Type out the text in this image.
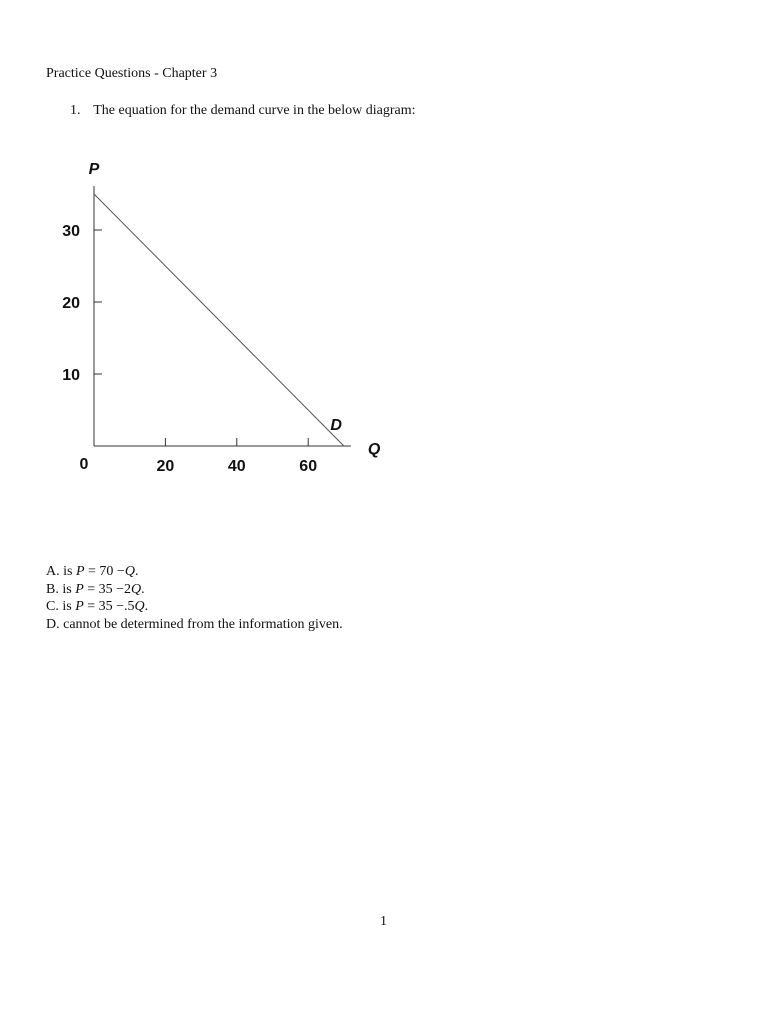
Practice Questions - Chapter 3
1. The equation for the demand curve in the below diagram:
10
20
30
20	40	60
D
P
Q
0
A. is P = 70 −Q.
B. is P = 35 −2Q.
C. is P = 35 −.5Q.
D. cannot be determined from the information given.
1
